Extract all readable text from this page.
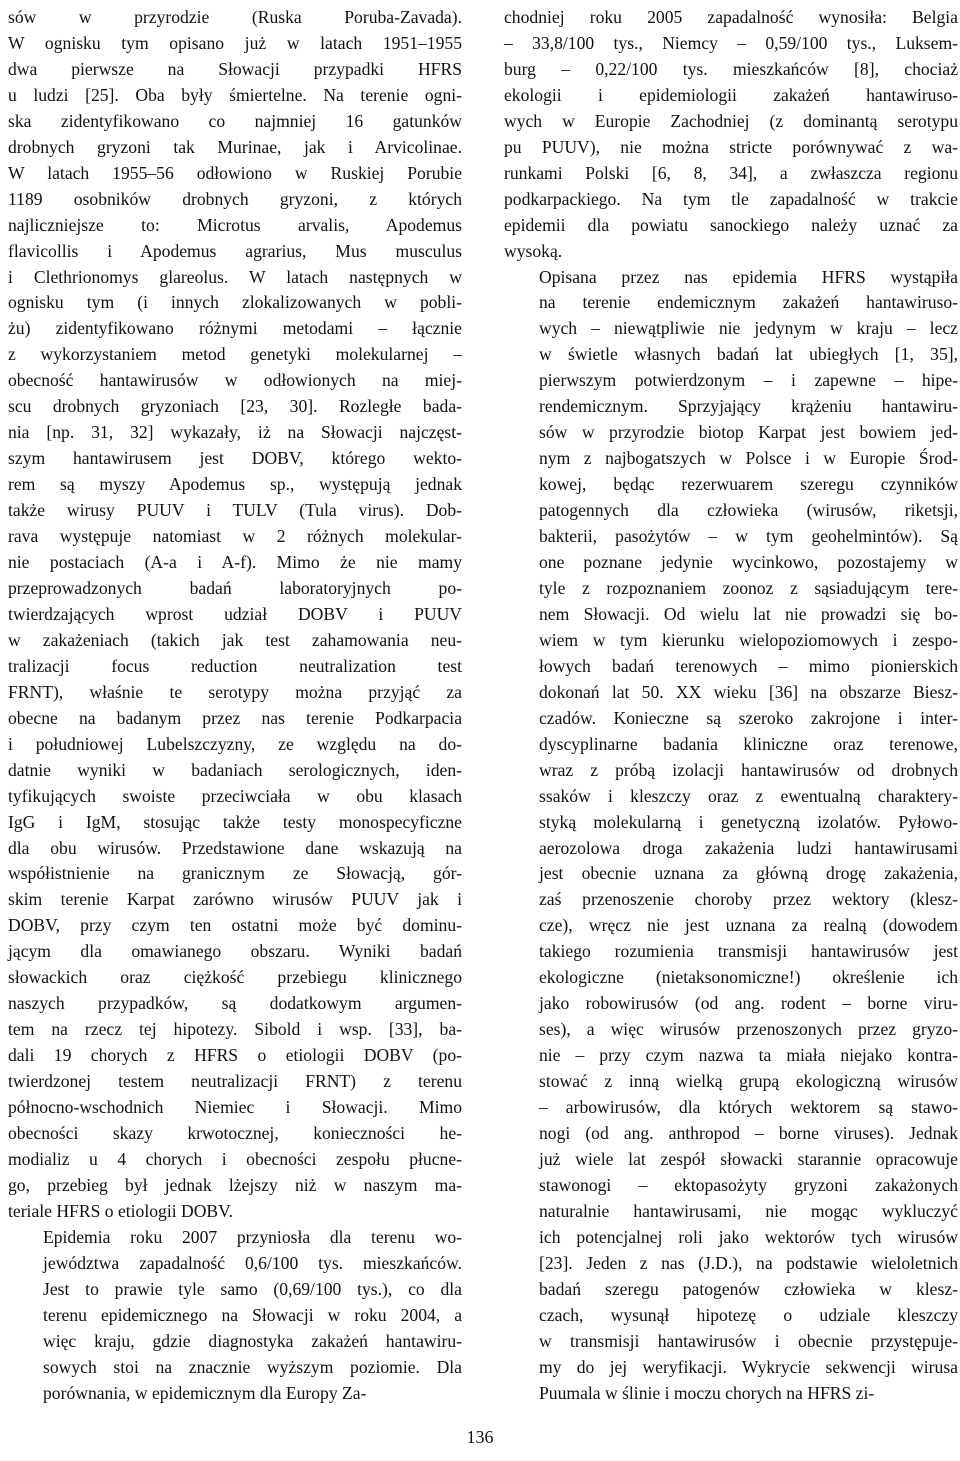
sów w przyrodzie (Ruska Poruba-Zavada).
W ognisku tym opisano już w latach 1951–1955
dwa pierwsze na Słowacji przypadki HFRS
u ludzi [25]. Oba były śmiertelne. Na terenie ogni-
ska zidentyfikowano co najmniej 16 gatunków
drobnych gryzoni tak Murinae, jak i Arvicolinae.
W latach 1955–56 odłowiono w Ruskiej Porubie
1189 osobników drobnych gryzoni, z których
najliczniejsze to: Microtus arvalis, Apodemus
flavicollis i Apodemus agrarius, Mus musculus
i Clethrionomys glareolus. W latach następnych w
ognisku tym (i innych zlokalizowanych w pobli-
żu) zidentyfikowano różnymi metodami – łącznie
z wykorzystaniem metod genetyki molekularnej –
obecność hantawirusów w odłowionych na miej-
scu drobnych gryzoniach [23, 30]. Rozległe bada-
nia [np. 31, 32] wykazały, iż na Słowacji najczęst-
szym hantawirusem jest DOBV, którego wekto-
rem są myszy Apodemus sp., występują jednak
także wirusy PUUV i TULV (Tula virus). Dob-
rava występuje natomiast w 2 różnych molekular-
nie postaciach (A-a i A-f). Mimo że nie mamy
przeprowadzonych badań laboratoryjnych po-
twierdzających wprost udział DOBV i PUUV
w zakażeniach (takich jak test zahamowania neu-
tralizacji focus reduction neutralization test
FRNT), właśnie te serotypy można przyjąć za
obecne na badanym przez nas terenie Podkarpacia
i południowej Lubelszczyzny, ze względu na do-
datnie wyniki w badaniach serologicznych, iden-
tyfikujących swoiste przeciwciała w obu klasach
IgG i IgM, stosując także testy monospecyficzne
dla obu wirusów. Przedstawione dane wskazują na
współistnienie na granicznym ze Słowacją, gór-
skim terenie Karpat zarówno wirusów PUUV jak i
DOBV, przy czym ten ostatni może być dominu-
jącym dla omawianego obszaru. Wyniki badań
słowackich oraz ciężkość przebiegu klinicznego
naszych przypadków, są dodatkowym argumen-
tem na rzecz tej hipotezy. Sibold i wsp. [33], ba-
dali 19 chorych z HFRS o etiologii DOBV (po-
twierdzonej testem neutralizacji FRNT) z terenu
północno-wschodnich Niemiec i Słowacji. Mimo
obecności skazy krwotocznej, konieczności he-
modializ u 4 chorych i obecności zespołu płucne-
go, przebieg był jednak lżejszy niż w naszym ma-
teriale HFRS o etiologii DOBV.

Epidemia roku 2007 przyniosła dla terenu wo-
jewództwa zapadalność 0,6/100 tys. mieszkańców.
Jest to prawie tyle samo (0,69/100 tys.), co dla
terenu epidemicznego na Słowacji w roku 2004, a
więc kraju, gdzie diagnostyka zakażeń hantawiru-
sowych stoi na znacznie wyższym poziomie. Dla
porównania, w epidemicznym dla Europy Za-

chodniej roku 2005 zapadalność wynosiła: Belgia
– 33,8/100 tys., Niemcy – 0,59/100 tys., Luksem-
burg – 0,22/100 tys. mieszkańców [8], chociaż
ekologii i epidemiologii zakażeń hantawiruso-
wych w Europie Zachodniej (z dominantą serotypu
pu PUUV), nie można stricte porównywać z wa-
runkami Polski [6, 8, 34], a zwłaszcza regionu
podkarpackiego. Na tym tle zapadalność w trakcie
epidemii dla powiatu sanockiego należy uznać za
wysoką.

Opisana przez nas epidemia HFRS wystąpiła
na terenie endemicznym zakażeń hantawiruso-
wych – niewątpliwie nie jedynym w kraju – lecz
w świetle własnych badań lat ubiegłych [1, 35],
pierwszym potwierdzonym – i zapewne – hipe-
rendemicznym. Sprzyjający krążeniu hantawiru-
sów w przyrodzie biotop Karpat jest bowiem jed-
nym z najbogatszych w Polsce i w Europie Środ-
kowej, będąc rezerwuarem szeregu czynników
patogennych dla człowieka (wirusów, riketsji,
bakterii, pasożytów – w tym geohelmintów). Są
one poznane jedynie wycinkowo, pozostajemy w
tyle z rozpoznaniem zoonoz z sąsiadującym tere-
nem Słowacji. Od wielu lat nie prowadzi się bo-
wiem w tym kierunku wielopoziomowych i zespo-
łowych badań terenowych – mimo pionierskich
dokonań lat 50. XX wieku [36] na obszarze Biesz-
czadów. Konieczne są szeroko zakrojone i inter-
dyscyplinarne badania kliniczne oraz terenowe,
wraz z próbą izolacji hantawirusów od drobnych
ssaków i kleszczy oraz z ewentualną charaktery-
styką molekularną i genetyczną izolatów. Pyłowo-
aerozolowa droga zakażenia ludzi hantawirusami
jest obecnie uznana za główną drogę zakażenia,
zaś przenoszenie choroby przez wektory (klesz-
cze), wręcz nie jest uznana za realną (dowodem
takiego rozumienia transmisji hantawirusów jest
ekologiczne (nietaksonomiczne!) określenie ich
jako robowirusów (od ang. rodent – borne viru-
ses), a więc wirusów przenoszonych przez gryzo-
nie – przy czym nazwa ta miała niejako kontra-
stować z inną wielką grupą ekologiczną wirusów
– arbowirusów, dla których wektorem są stawo-
nogi (od ang. anthropod – borne viruses). Jednak
już wiele lat zespół słowacki starannie opracowuje
stawonogi – ektopasożyty gryzoni zakażonych
naturalnie hantawirusami, nie mogąc wykluczyć
ich potencjalnej roli jako wektorów tych wirusów
[23]. Jeden z nas (J.D.), na podstawie wieloletnich
badań szeregu patogenów człowieka w klesz-
czach, wysunął hipotezę o udziale kleszczy
w transmisji hantawirusów i obecnie przystępuje-
my do jej weryfikacji. Wykrycie sekwencji wirusa
Puumala w ślinie i moczu chorych na HFRS zi-

136
